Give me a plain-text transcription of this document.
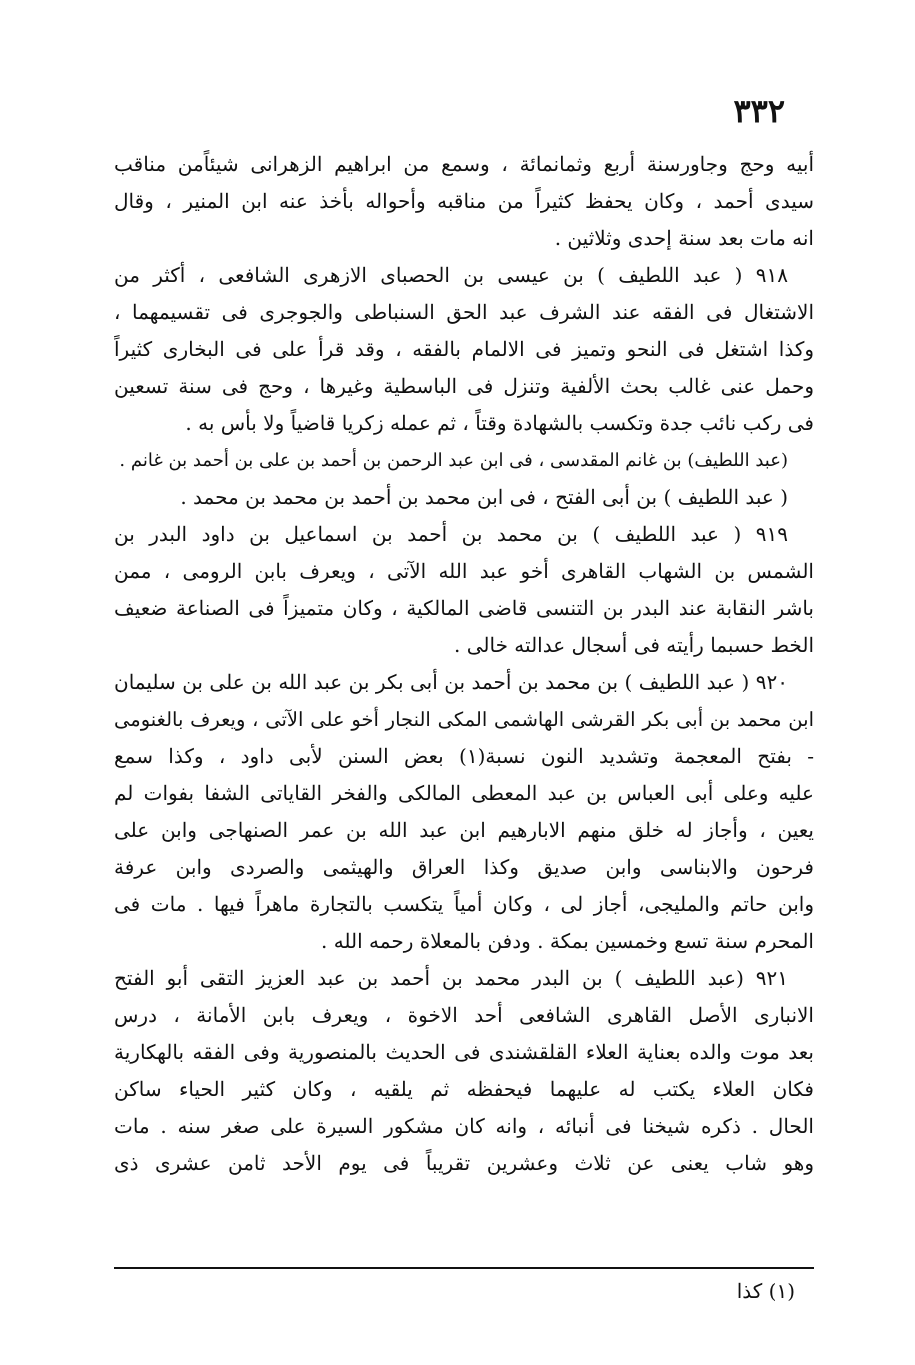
٣٣٢
أبيه وحج وجاورسنة أربع وثمانمائة ، وسمع من ابراهيم الزهرانى شيئاًمن مناقب
سيدى أحمد ، وكان يحفظ كثيراً من مناقبه وأحواله بأخذ عنه ابن المنير ، وقال
انه مات بعد سنة إحدى وثلاثين .
٩١٨ ( عبد اللطيف ) بن عيسى بن الحصباى الازهرى الشافعى ، أكثر من
الاشتغال فى الفقه عند الشرف عبد الحق السنباطى والجوجرى فى تقسيمهما ،
وكذا اشتغل فى النحو وتميز فى الالمام بالفقه ، وقد قرأ على فى البخارى كثيراً
وحمل عنى غالب بحث الألفية وتنزل فى الباسطية وغيرها ، وحج فى سنة تسعين
فى ركب نائب جدة وتكسب بالشهادة وقتاً ، ثم عمله زكريا قاضياً ولا بأس به .
(عبد اللطيف) بن غانم المقدسى ، فى ابن عبد الرحمن بن أحمد بن على بن أحمد بن غانم .
( عبد اللطيف ) بن أبى الفتح ، فى ابن محمد بن أحمد بن محمد بن محمد .
٩١٩ ( عبد اللطيف ) بن محمد بن أحمد بن اسماعيل بن داود البدر بن
الشمس بن الشهاب القاهرى أخو عبد الله الآتى ، ويعرف بابن الرومى ، ممن
باشر النقابة عند البدر بن التنسى قاضى المالكية ، وكان متميزاً فى الصناعة ضعيف
الخط حسبما رأيته فى أسجال عدالته خالى .
٩٢٠ ( عبد اللطيف ) بن محمد بن أحمد بن أبى بكر بن عبد الله بن على بن سليمان
ابن محمد بن أبى بكر القرشى الهاشمى المكى النجار أخو على الآتى ، ويعرف بالغنومى
- بفتح المعجمة وتشديد النون نسبة(١) بعض السنن لأبى داود ، وكذا سمع
عليه وعلى أبى العباس بن عبد المعطى المالكى والفخر القاياتى الشفا بفوات لم
يعين ، وأجاز له خلق منهم الابارهيم ابن عبد الله بن عمر الصنهاجى وابن على
فرحون والابناسى وابن صديق وكذا العراق والهيثمى والصردى وابن عرفة
وابن حاتم والمليجى، أجاز لى ، وكان أمياً يتكسب بالتجارة ماهراً فيها . مات فى
المحرم سنة تسع وخمسين بمكة . ودفن بالمعلاة رحمه الله .
٩٢١ (عبد اللطيف ) بن البدر محمد بن أحمد بن عبد العزيز التقى أبو الفتح
الانبارى الأصل القاهرى الشافعى أحد الاخوة ، ويعرف بابن الأمانة ، درس
بعد موت والده بعناية العلاء القلقشندى فى الحديث بالمنصورية وفى الفقه بالهكارية
فكان العلاء يكتب له عليهما فيحفظه ثم يلقيه ، وكان كثير الحياء ساكن
الحال . ذكره شيخنا فى أنبائه ، وانه كان مشكور السيرة على صغر سنه . مات
وهو شاب يعنى عن ثلاث وعشرين تقريباً فى يوم الأحد ثامن عشرى ذى
(١) كذا
